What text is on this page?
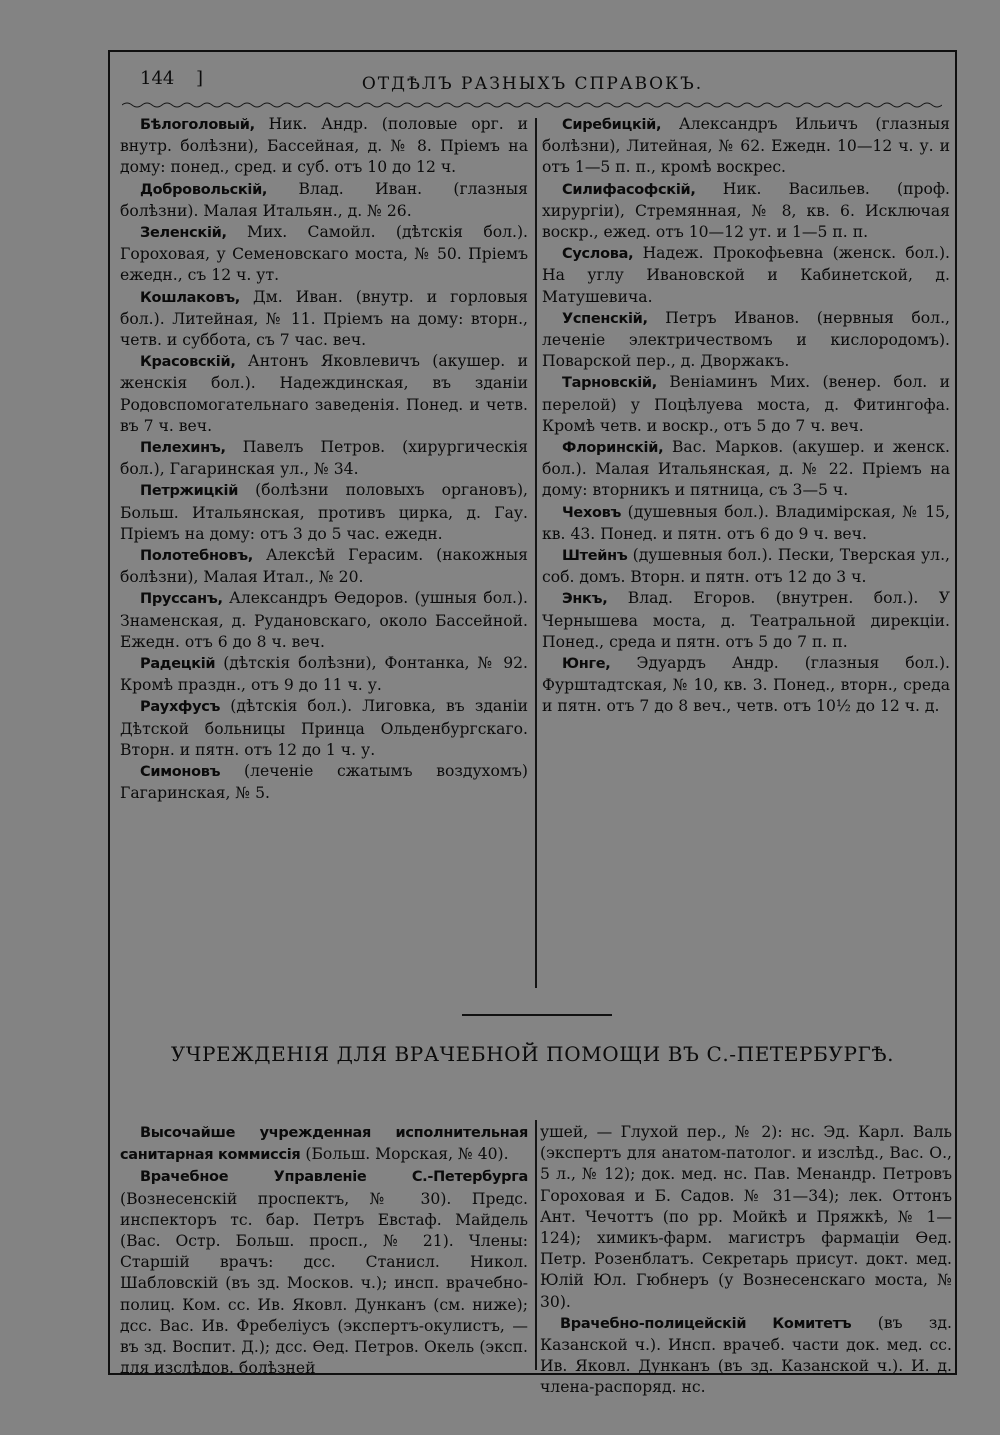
144 ]	ОТДѢЛЪ РАЗНЫХЪ СПРАВОКЪ.

Бѣлоголовый, Ник. Андр. (половые орг. и внутр. болѣзни), Бассейная, д. № 8. Пріемъ на дому: понед., сред. и суб. отъ 10 до 12 ч.

Добровольскій, Влад. Иван. (глазныя болѣзни). Малая Итальян., д. № 26.

Зеленскій, Мих. Самойл. (дѣтскія бол.). Гороховая, у Семеновскаго моста, № 50. Пріемъ ежедн., съ 12 ч. ут.

Кошлаковъ, Дм. Иван. (внутр. и горловыя бол.). Литейная, № 11. Пріемъ на дому: вторн., четв. и суббота, съ 7 час. веч.

Красовскій, Антонъ Яковлевичъ (акушер. и женскія бол.). Надеждинская, въ зданіи Родовспомогательнаго заведенія. Понед. и четв. въ 7 ч. веч.

Пелехинъ, Павелъ Петров. (хирургическія бол.), Гагаринская ул., № 34.

Петржицкій (болѣзни половыхъ органовъ), Больш. Итальянская, противъ цирка, д. Гау. Пріемъ на дому: отъ 3 до 5 час. ежедн.

Полотебновъ, Алексѣй Герасим. (накожныя болѣзни), Малая Итал., № 20.

Пруссанъ, Александръ Ѳедоров. (ушныя бол.). Знаменская, д. Рудановскаго, около Бассейной. Ежедн. отъ 6 до 8 ч. веч.

Радецкій (дѣтскія болѣзни), Фонтанка, № 92. Кромѣ праздн., отъ 9 до 11 ч. у.

Раухфусъ (дѣтскія бол.). Лиговка, въ зданіи Дѣтской больницы Принца Ольденбургскаго. Вторн. и пятн. отъ 12 до 1 ч. у.

Симоновъ (леченіе сжатымъ воздухомъ) Гагаринская, № 5.

Сиребицкій, Александръ Ильичъ (глазныя болѣзни), Литейная, № 62. Ежедн. 10—12 ч. у. и отъ 1—5 п. п., кромѣ воскрес.

Силифасофскій, Ник. Васильев. (проф. хирургіи), Стремянная, № 8, кв. 6. Исключая воскр., ежед. отъ 10—12 ут. и 1—5 п. п.

Суслова, Надеж. Прокофьевна (женск. бол.). На углу Ивановской и Кабинетской, д. Матушевича.

Успенскій, Петръ Иванов. (нервныя бол., леченіе электричествомъ и кислородомъ). Поварской пер., д. Дворжакъ.

Тарновскій, Веніаминъ Мих. (венер. бол. и перелой) у Поцѣлуева моста, д. Фитингофа. Кромѣ четв. и воскр., отъ 5 до 7 ч. веч.

Флоринскій, Вас. Марков. (акушер. и женск. бол.). Малая Итальянская, д. № 22. Пріемъ на дому: вторникъ и пятница, съ 3—5 ч.

Чеховъ (душевныя бол.). Владимірская, № 15, кв. 43. Понед. и пятн. отъ 6 до 9 ч. веч.

Штейнъ (душевныя бол.). Пески, Тверская ул., соб. домъ. Вторн. и пятн. отъ 12 до 3 ч.

Энкъ, Влад. Егоров. (внутрен. бол.). У Чернышева моста, д. Театральной дирекціи. Понед., среда и пятн. отъ 5 до 7 п. п.

Юнге, Эдуардъ Андр. (глазныя бол.). Фурштадтская, № 10, кв. 3. Понед., вторн., среда и пятн. отъ 7 до 8 веч., четв. отъ 10½ до 12 ч. д.

УЧРЕЖДЕНІЯ ДЛЯ ВРАЧЕБНОЙ ПОМОЩИ ВЪ С.-ПЕТЕРБУРГѢ.

Высочайше учрежденная исполнительная санитарная коммиссія (Больш. Морская, № 40).

Врачебное Управленіе С.-Петербурга (Вознесенскій проспектъ, № 30). Предс. инспекторъ тс. бар. Петръ Евстаф. Майдель (Вас. Остр. Больш. просп., № 21). Члены: Старшій врачъ: дсс. Станисл. Никол. Шабловскій (въ зд. Москов. ч.); инсп. врачебно-полиц. Ком. сс. Ив. Яковл. Дунканъ (см. ниже); дсс. Вас. Ив. Фребеліусъ (экспертъ-окулистъ, — въ зд. Воспит. Д.); дсс. Ѳед. Петров. Окель (эксп. для изслѣдов. болѣзней

ушей, — Глухой пер., № 2): нс. Эд. Карл. Валь (экспертъ для анатом-патолог. и изслѣд., Вас. О., 5 л., № 12); док. мед. нс. Пав. Менандр. Петровъ Гороховая и Б. Садов. № 31—34); лек. Оттонъ Ант. Чечоттъ (по рр. Мойкѣ и Пряжкѣ, № 1—124); химикъ-фарм. магистръ фармаціи Ѳед. Петр. Розенблатъ. Секретарь присут. докт. мед. Юлій Юл. Гюбнеръ (у Вознесенскаго моста, № 30).

Врачебно-полицейскій Комитетъ (въ зд. Казанской ч.). Инсп. врачеб. части док. мед. сс. Ив. Яковл. Дунканъ (въ зд. Казанской ч.). И. д. члена-распоряд. нс.
